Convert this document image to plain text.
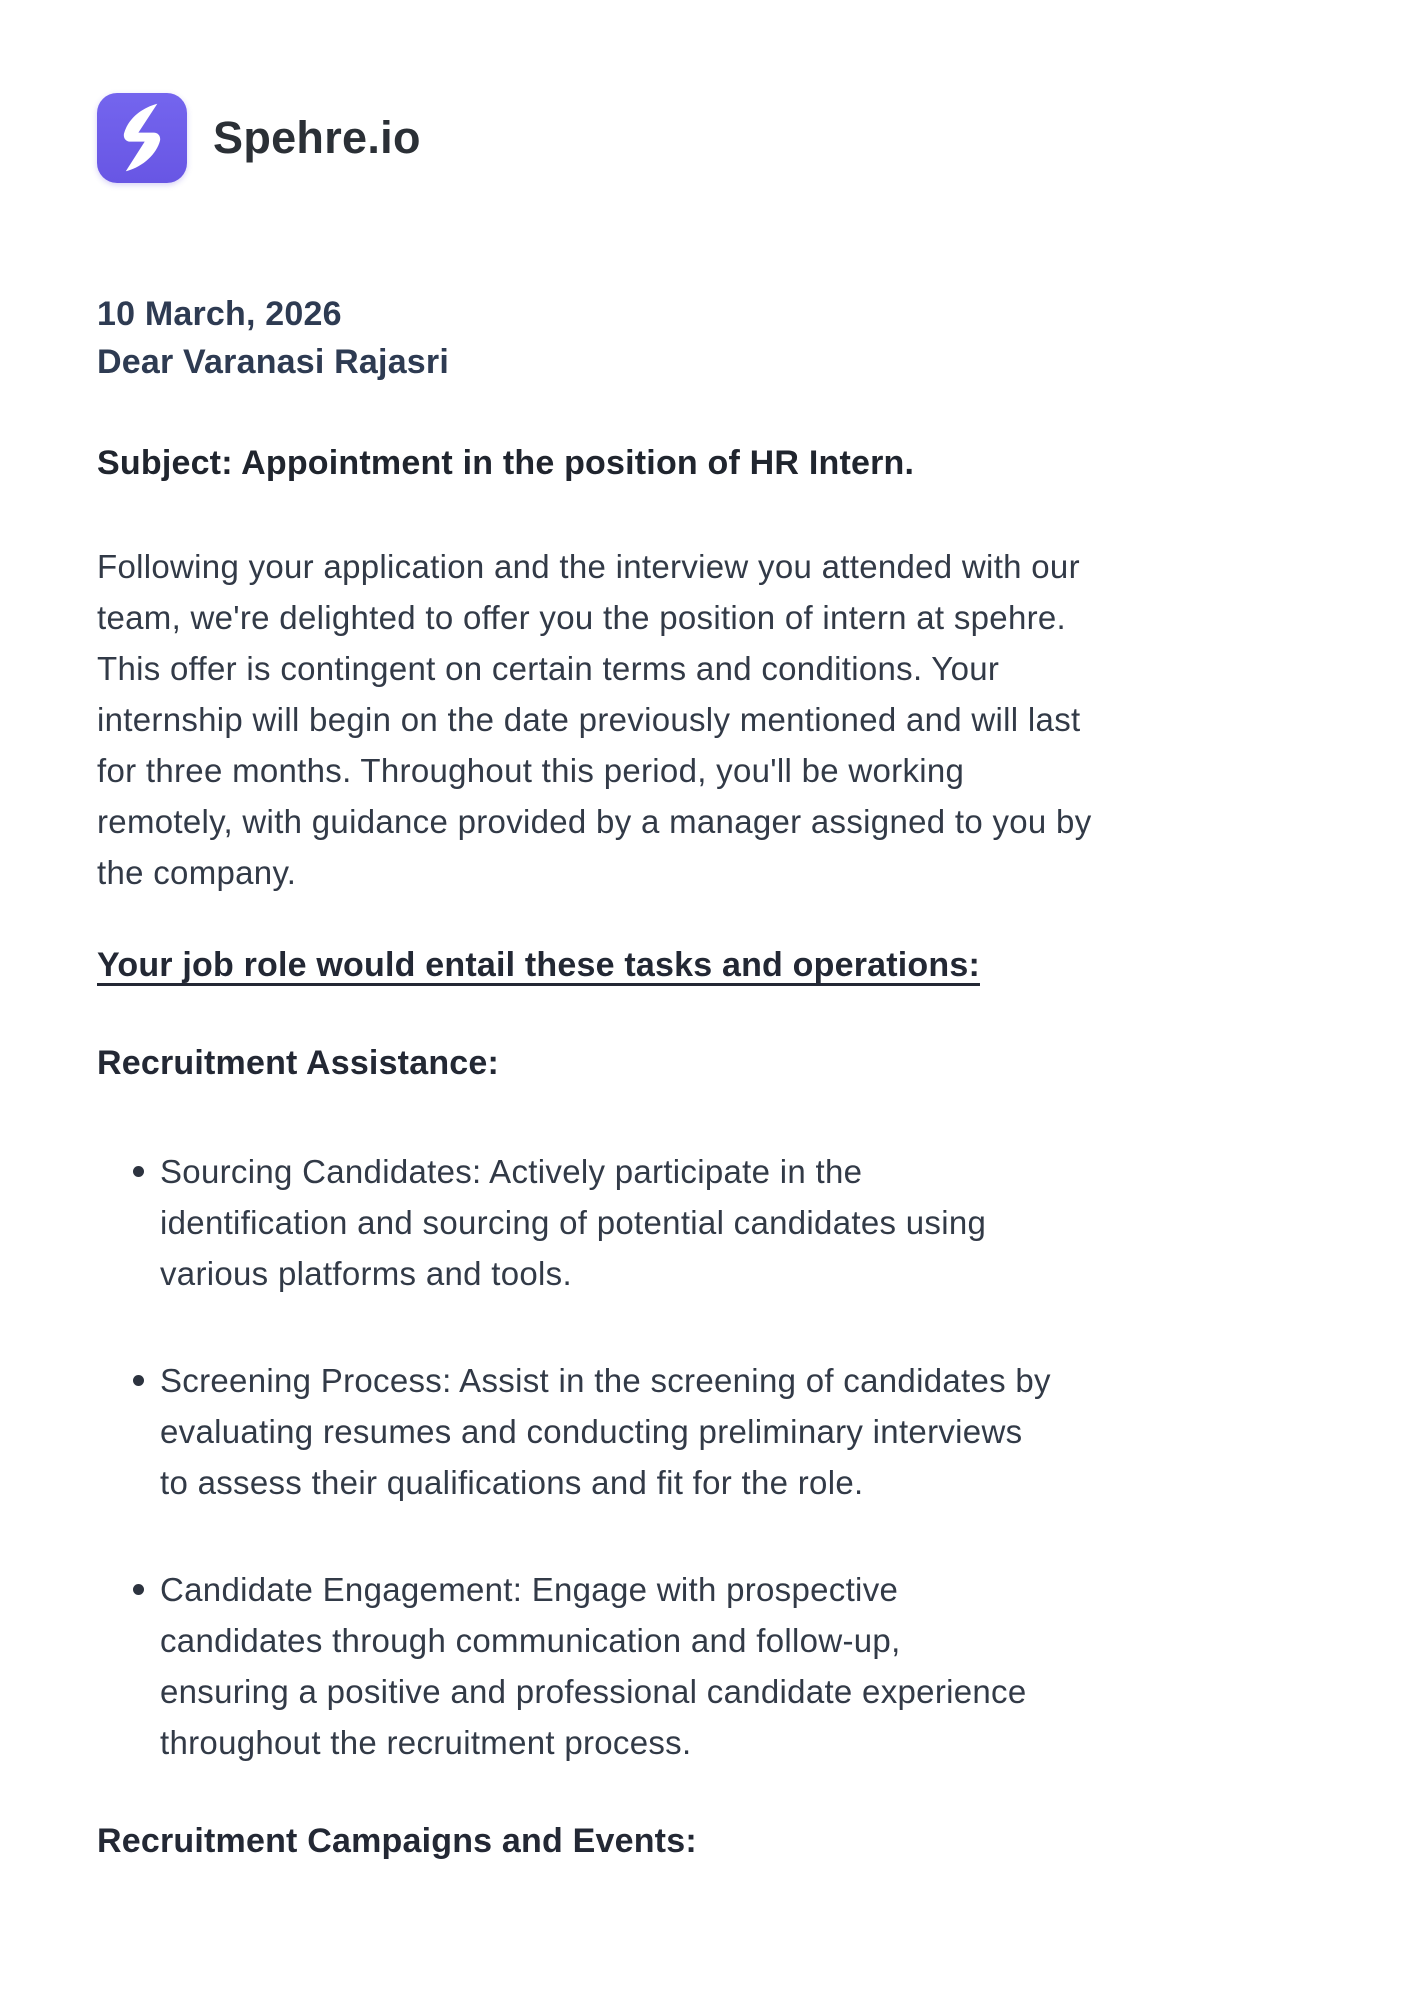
Spehre.io
10 March, 2026
Dear Varanasi Rajasri
Subject: Appointment in the position of HR Intern.
Following your application and the interview you attended with our
team, we're delighted to offer you the position of intern at spehre.
This offer is contingent on certain terms and conditions. Your
internship will begin on the date previously mentioned and will last
for three months. Throughout this period, you'll be working
remotely, with guidance provided by a manager assigned to you by
the company.
Your job role would entail these tasks and operations:
Recruitment Assistance:
Sourcing Candidates: Actively participate in the
identification and sourcing of potential candidates using
various platforms and tools.
Screening Process: Assist in the screening of candidates by
evaluating resumes and conducting preliminary interviews
to assess their qualifications and fit for the role.
Candidate Engagement: Engage with prospective
candidates through communication and follow-up,
ensuring a positive and professional candidate experience
throughout the recruitment process.
Recruitment Campaigns and Events:
